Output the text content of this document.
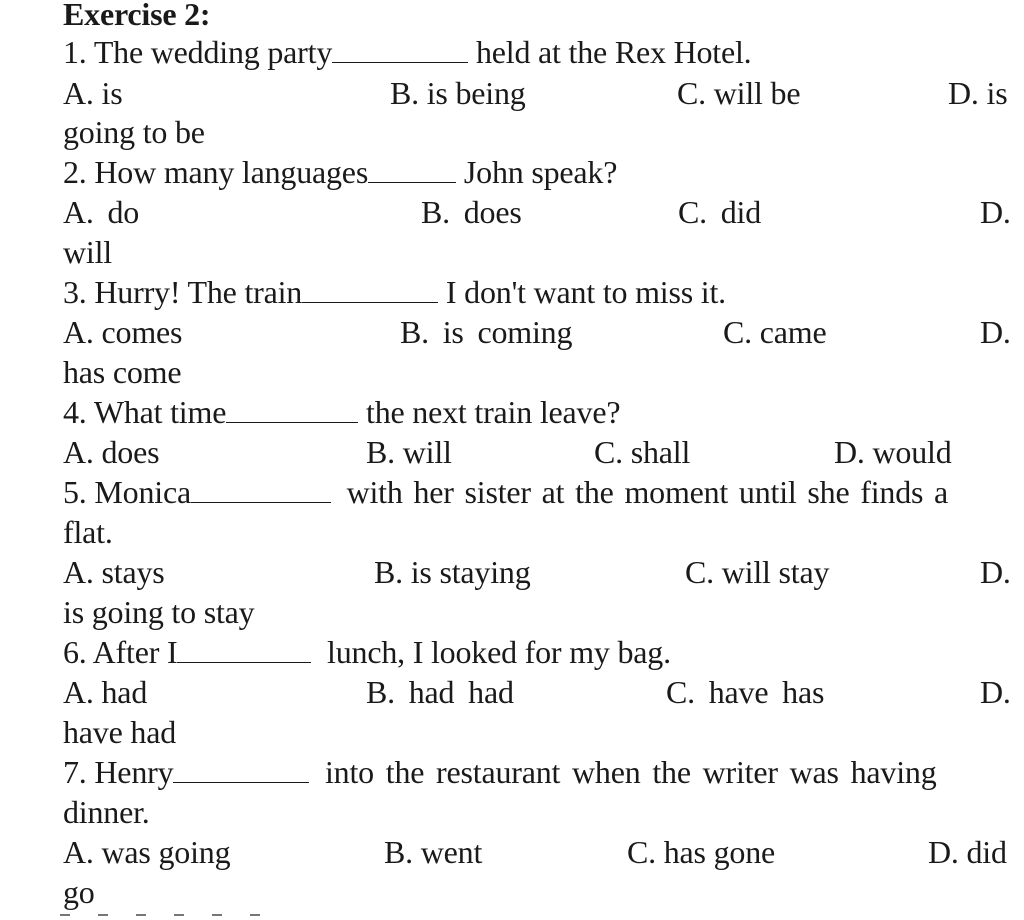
Exercise 2:
1. The wedding party	held at the Rex Hotel.
A. is	B. is being	C. will be	D. is
going to be
2. How many languages	John speak?
A. do	B. does	C. did	D.
will
3. Hurry! The train	I don't want to miss it.
A. comes	B. is coming	C. came	D.
has come
4. What time	the next train leave?
A. does	B. will	C. shall	D. would
5. Monica	with her sister at the moment until she finds a
flat.
A. stays	B. is staying	C. will stay	D.
is going to stay
6. After I	lunch, I looked for my bag.
A. had	B. had had	C. have has	D.
have had
7. Henry	into the restaurant when the writer was having
dinner.
A. was going	B. went	C. has gone	D. did
go
